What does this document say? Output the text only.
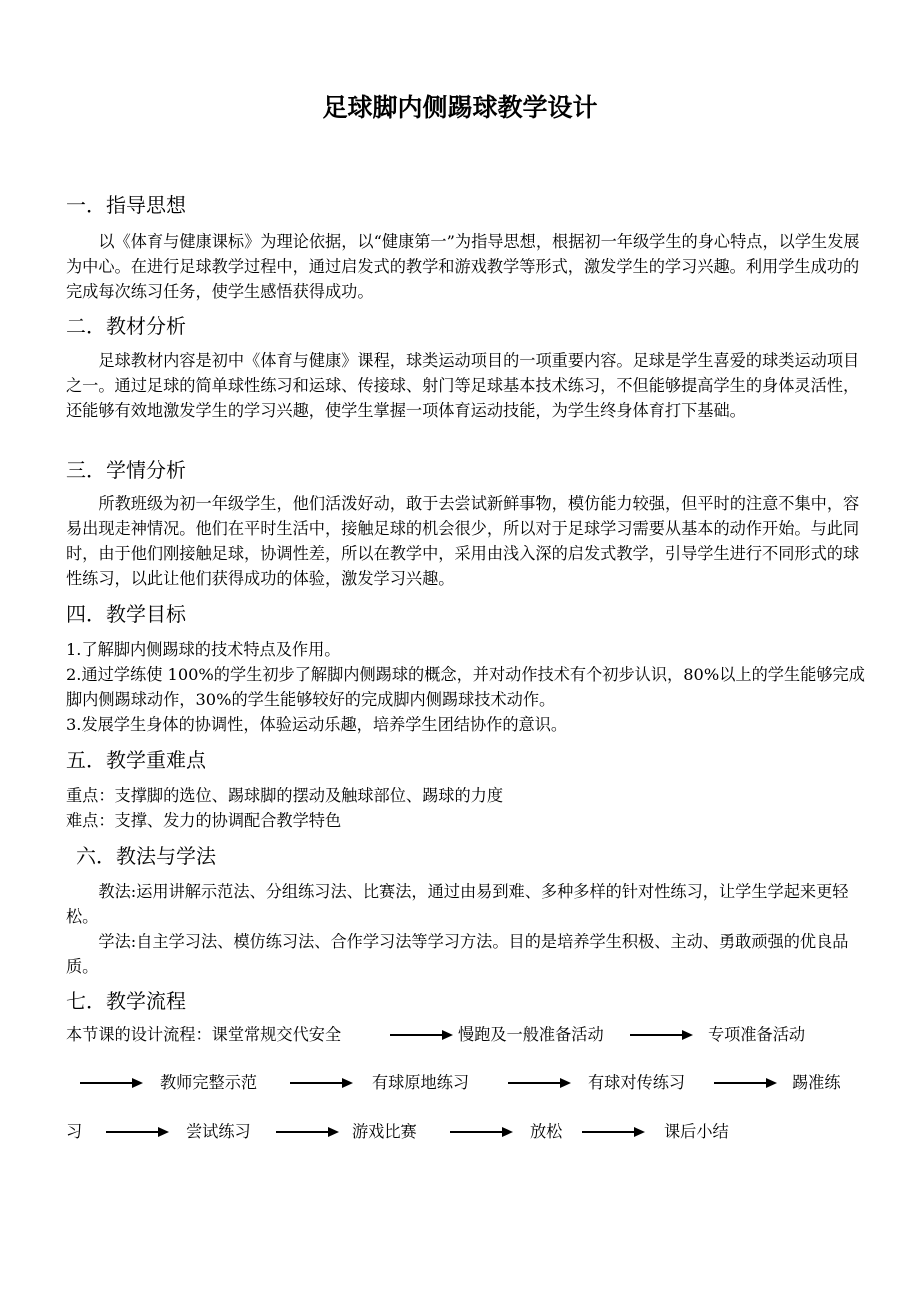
足球脚内侧踢球教学设计
一．指导思想
以《体育与健康课标》为理论依据，以“健康第一”为指导思想，根据初一年级学生的身心特点，以学生发展为中心。在进行足球教学过程中，通过启发式的教学和游戏教学等形式，激发学生的学习兴趣。利用学生成功的完成每次练习任务，使学生感悟获得成功。
二．教材分析
足球教材内容是初中《体育与健康》课程，球类运动项目的一项重要内容。足球是学生喜爱的球类运动项目之一。通过足球的简单球性练习和运球、传接球、射门等足球基本技术练习，不但能够提高学生的身体灵活性，还能够有效地激发学生的学习兴趣，使学生掌握一项体育运动技能，为学生终身体育打下基础。
三．学情分析
所教班级为初一年级学生，他们活泼好动，敢于去尝试新鲜事物，模仿能力较强，但平时的注意不集中，容易出现走神情况。他们在平时生活中，接触足球的机会很少，所以对于足球学习需要从基本的动作开始。与此同时，由于他们刚接触足球，协调性差，所以在教学中，采用由浅入深的启发式教学，引导学生进行不同形式的球性练习，以此让他们获得成功的体验，激发学习兴趣。
四．教学目标
1.了解脚内侧踢球的技术特点及作用。
2.通过学练使 100%的学生初步了解脚内侧踢球的概念，并对动作技术有个初步认识，80%以上的学生能够完成脚内侧踢球动作，30%的学生能够较好的完成脚内侧踢球技术动作。
3.发展学生身体的协调性，体验运动乐趣，培养学生团结协作的意识。
五．教学重难点
重点：支撑脚的选位、踢球脚的摆动及触球部位、踢球的力度
难点：支撑、发力的协调配合教学特色
六．教法与学法
教法:运用讲解示范法、分组练习法、比赛法，通过由易到难、多种多样的针对性练习，让学生学起来更轻松。
学法:自主学习法、模仿练习法、合作学习法等学习方法。目的是培养学生积极、主动、勇敢顽强的优良品质。
七．教学流程
本节课的设计流程：课堂常规交代安全	慢跑及一般准备活动	专项准备活动
教师完整示范	有球原地练习	有球对传练习	踢准练
习	尝试练习	游戏比赛	放松	课后小结
